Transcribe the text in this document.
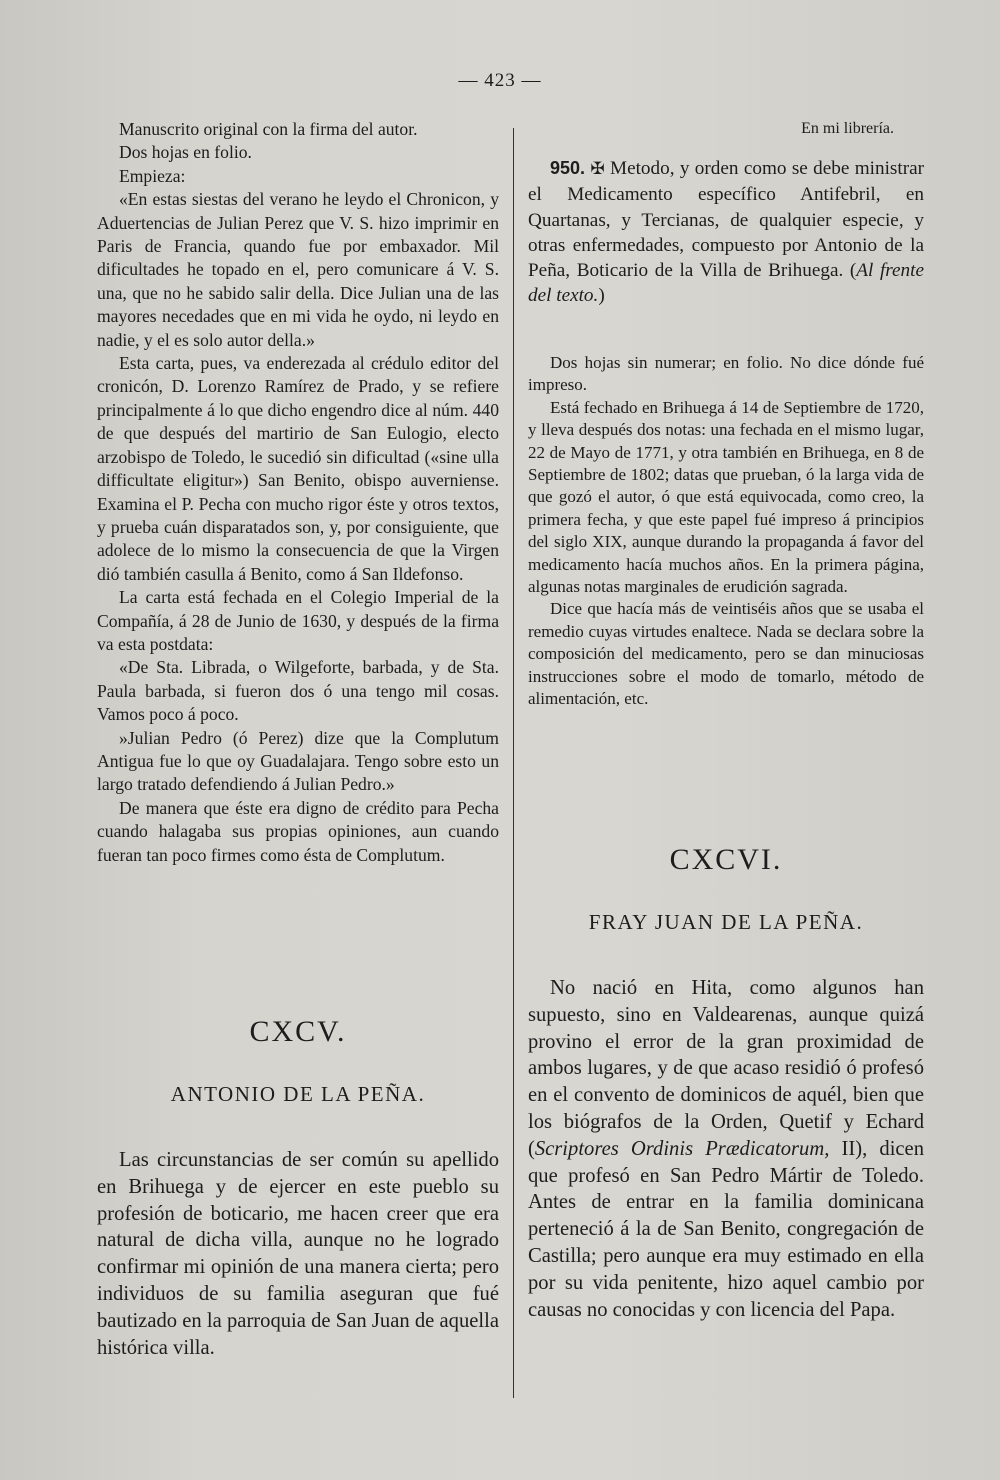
— 423 —

Manuscrito original con la firma del autor.

Dos hojas en folio.

Empieza:

«En estas siestas del verano he leydo el Chronicon, y Aduertencias de Julian Perez que V. S. hizo imprimir en Paris de Francia, quando fue por embaxador. Mil dificultades he topado en el, pero comunicare á V. S. una, que no he sabido salir della. Dice Julian una de las mayores necedades que en mi vida he oydo, ni leydo en nadie, y el es solo autor della.»

Esta carta, pues, va enderezada al crédulo editor del cronicón, D. Lorenzo Ramírez de Prado, y se refiere principalmente á lo que dicho engendro dice al núm. 440 de que después del martirio de San Eulogio, electo arzobispo de Toledo, le sucedió sin dificultad («sine ulla difficultate eligitur») San Benito, obispo auverniense. Examina el P. Pecha con mucho rigor éste y otros textos, y prueba cuán disparatados son, y, por consiguiente, que adolece de lo mismo la consecuencia de que la Virgen dió también casulla á Benito, como á San Ildefonso.

La carta está fechada en el Colegio Imperial de la Compañía, á 28 de Junio de 1630, y después de la firma va esta postdata:

«De Sta. Librada, o Wilgeforte, barbada, y de Sta. Paula barbada, si fueron dos ó una tengo mil cosas. Vamos poco á poco.

»Julian Pedro (ó Perez) dize que la Complutum Antigua fue lo que oy Guadalajara. Tengo sobre esto un largo tratado defendiendo á Julian Pedro.»

De manera que éste era digno de crédito para Pecha cuando halagaba sus propias opiniones, aun cuando fueran tan poco firmes como ésta de Complutum.

CXCV.
ANTONIO DE LA PEÑA.

Las circunstancias de ser común su apellido en Brihuega y de ejercer en este pueblo su profesión de boticario, me hacen creer que era natural de dicha villa, aunque no he logrado confirmar mi opinión de una manera cierta; pero individuos de su familia aseguran que fué bautizado en la parroquia de San Juan de aquella histórica villa.

En mi librería.

950. ✠ Metodo, y orden como se debe ministrar el Medicamento específico Antifebril, en Quartanas, y Tercianas, de qualquier especie, y otras enfermedades, compuesto por Antonio de la Peña, Boticario de la Villa de Brihuega. (Al frente del texto.)

Dos hojas sin numerar; en folio. No dice dónde fué impreso.

Está fechado en Brihuega á 14 de Septiembre de 1720, y lleva después dos notas: una fechada en el mismo lugar, 22 de Mayo de 1771, y otra también en Brihuega, en 8 de Septiembre de 1802; datas que prueban, ó la larga vida de que gozó el autor, ó que está equivocada, como creo, la primera fecha, y que este papel fué impreso á principios del siglo XIX, aunque durando la propaganda á favor del medicamento hacía muchos años. En la primera página, algunas notas marginales de erudición sagrada.

Dice que hacía más de veintiséis años que se usaba el remedio cuyas virtudes enaltece. Nada se declara sobre la composición del medicamento, pero se dan minuciosas instrucciones sobre el modo de tomarlo, método de alimentación, etc.

CXCVI.
FRAY JUAN DE LA PEÑA.

No nació en Hita, como algunos han supuesto, sino en Valdearenas, aunque quizá provino el error de la gran proximidad de ambos lugares, y de que acaso residió ó profesó en el convento de dominicos de aquél, bien que los biógrafos de la Orden, Quetif y Echard (Scriptores Ordinis Prædicatorum, II), dicen que profesó en San Pedro Mártir de Toledo. Antes de entrar en la familia dominicana perteneció á la de San Benito, congregación de Castilla; pero aunque era muy estimado en ella por su vida penitente, hizo aquel cambio por causas no conocidas y con licencia del Papa.
